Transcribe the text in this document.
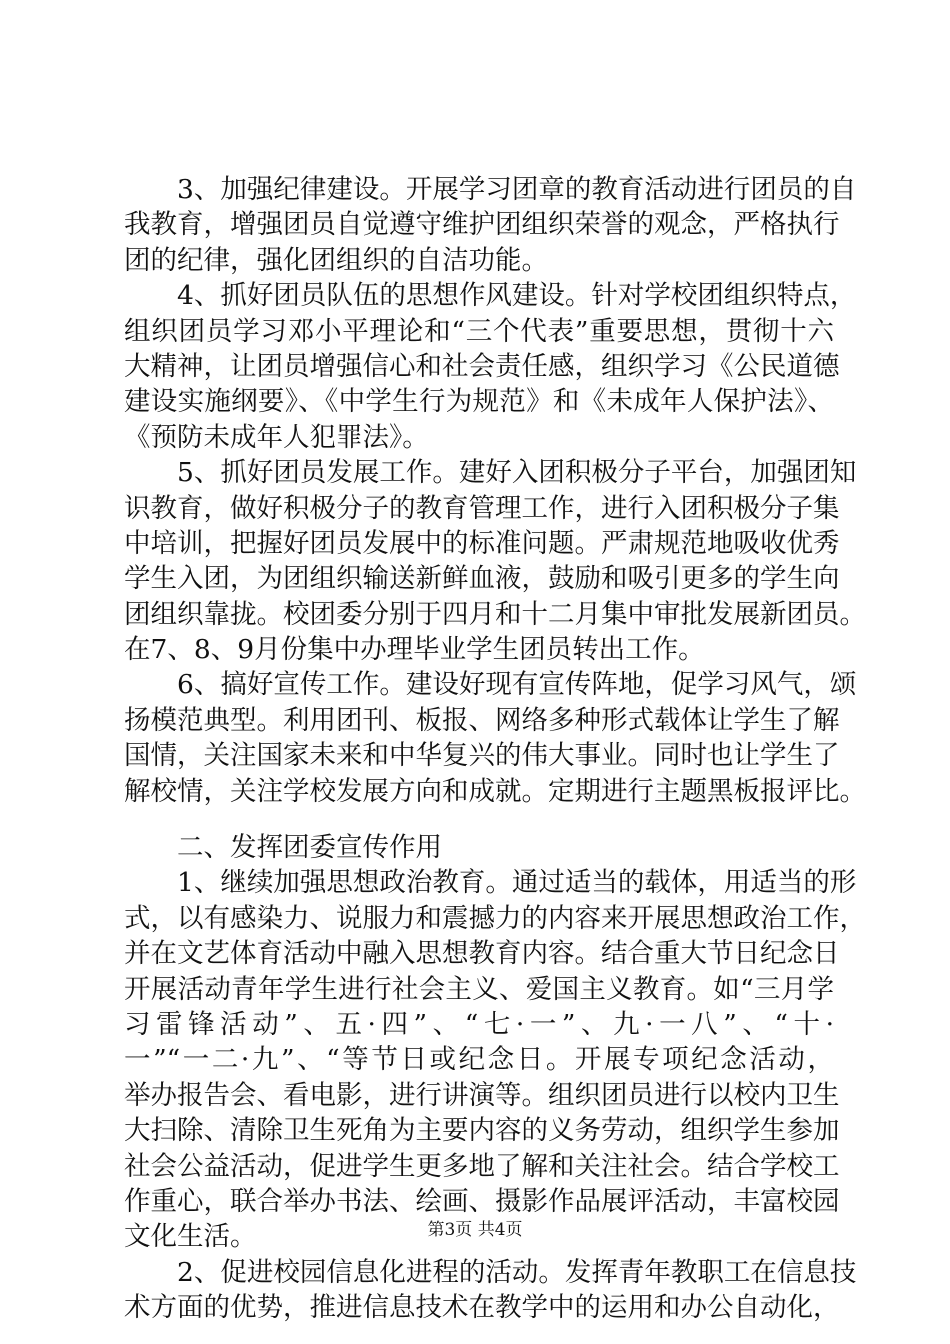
3、加强纪律建设。开展学习团章的教育活动进行团员的自
我教育，增强团员自觉遵守维护团组织荣誉的观念，严格执行
团的纪律，强化团组织的自洁功能。
4、抓好团员队伍的思想作风建设。针对学校团组织特点，
组织团员学习邓小平理论和“三个代表”重要思想，贯彻十六
大精神，让团员增强信心和社会责任感，组织学习《公民道德
建设实施纲要》、《中学生行为规范》和《未成年人保护法》、
《预防未成年人犯罪法》。
5、抓好团员发展工作。建好入团积极分子平台，加强团知
识教育，做好积极分子的教育管理工作，进行入团积极分子集
中培训，把握好团员发展中的标准问题。严肃规范地吸收优秀
学生入团，为团组织输送新鲜血液，鼓励和吸引更多的学生向
团组织靠拢。校团委分别于四月和十二月集中审批发展新团员。
在7、8、9月份集中办理毕业学生团员转出工作。
6、搞好宣传工作。建设好现有宣传阵地，促学习风气，颂
扬模范典型。利用团刊、板报、网络多种形式载体让学生了解
国情，关注国家未来和中华复兴的伟大事业。同时也让学生了
解校情，关注学校发展方向和成就。定期进行主题黑板报评比。
二、发挥团委宣传作用
1、继续加强思想政治教育。通过适当的载体，用适当的形
式，以有感染力、说服力和震撼力的内容来开展思想政治工作，
并在文艺体育活动中融入思想教育内容。结合重大节日纪念日
开展活动青年学生进行社会主义、爱国主义教育。如“三月学
习雷锋活动”、五·四”、“七·一”、九·一八”、“十·
一”“一二·九”、“等节日或纪念日。开展专项纪念活动，
举办报告会、看电影，进行讲演等。组织团员进行以校内卫生
大扫除、清除卫生死角为主要内容的义务劳动，组织学生参加
社会公益活动，促进学生更多地了解和关注社会。结合学校工
作重心，联合举办书法、绘画、摄影作品展评活动，丰富校园
文化生活。
2、促进校园信息化进程的活动。发挥青年教职工在信息技
术方面的优势，推进信息技术在教学中的运用和办公自动化，
第3页 共4页
